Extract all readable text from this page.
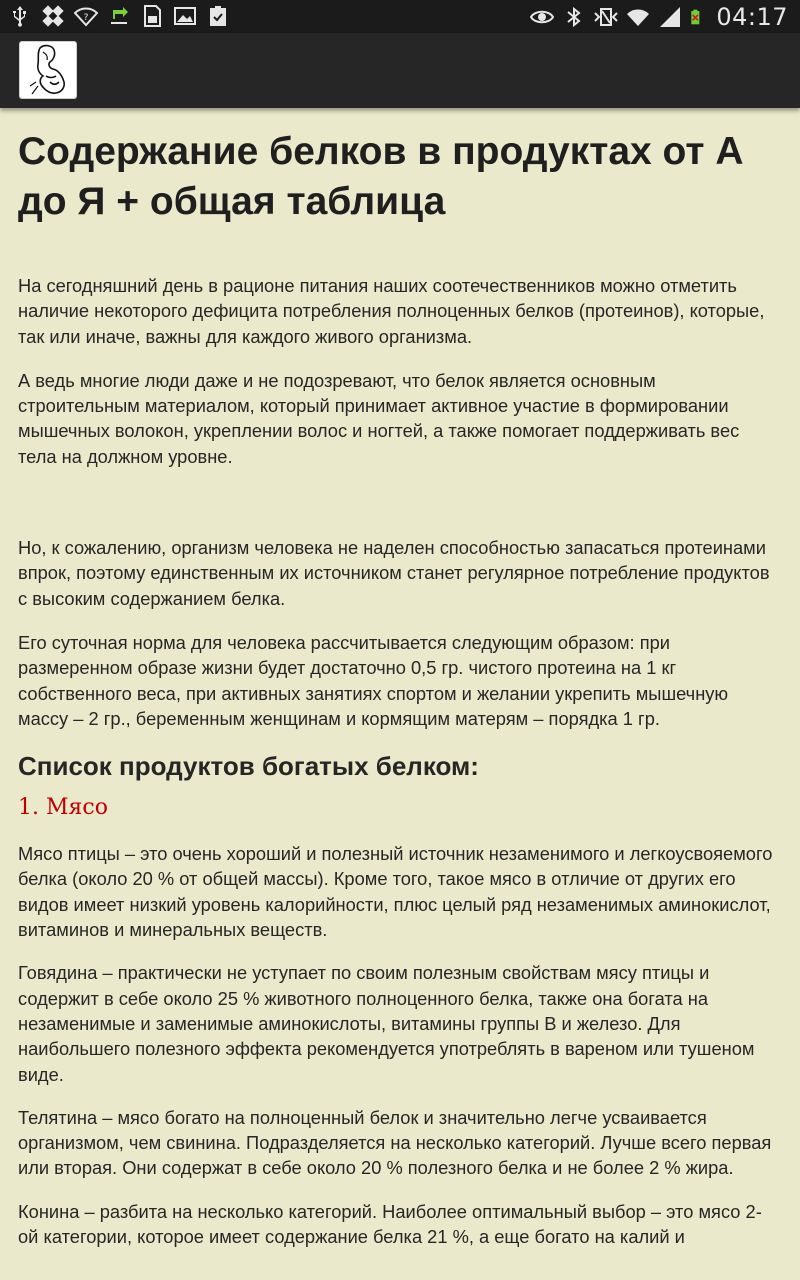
?	04:17
Содержание белков в продуктах от А до Я + общая таблица

На сегодняшний день в рационе питания наших соотечественников можно отметить наличие некоторого дефицита потребления полноценных белков (протеинов), которые, так или иначе, важны для каждого живого организма.

А ведь многие люди даже и не подозревают, что белок является основным строительным материалом, который принимает активное участие в формировании мышечных волокон, укреплении волос и ногтей, а также помогает поддерживать вес тела на должном уровне.

Но, к сожалению, организм человека не наделен способностью запасаться протеинами впрок, поэтому единственным их источником станет регулярное потребление продуктов с высоким содержанием белка.

Его суточная норма для человека рассчитывается следующим образом: при размеренном образе жизни будет достаточно 0,5 гр. чистого протеина на 1 кг собственного веса, при активных занятиях спортом и желании укрепить мышечную массу – 2 гр., беременным женщинам и кормящим матерям – порядка 1 гр.

Список продуктов богатых белком:
1. Мясо

Мясо птицы – это очень хороший и полезный источник незаменимого и легкоусвояемого белка (около 20 % от общей массы). Кроме того, такое мясо в отличие от других его видов имеет низкий уровень калорийности, плюс целый ряд незаменимых аминокислот, витаминов и минеральных веществ.

Говядина – практически не уступает по своим полезным свойствам мясу птицы и содержит в себе около 25 % животного полноценного белка, также она богата на незаменимые и заменимые аминокислоты, витамины группы В и железо. Для наибольшего полезного эффекта рекомендуется употреблять в вареном или тушеном виде.

Телятина – мясо богато на полноценный белок и значительно легче усваивается организмом, чем свинина. Подразделяется на несколько категорий. Лучше всего первая или вторая. Они содержат в себе около 20 % полезного белка и не более 2 % жира.

Конина – разбита на несколько категорий. Наиболее оптимальный выбор – это мясо 2-ой категории, которое имеет содержание белка 21 %, а еще богато на калий и
